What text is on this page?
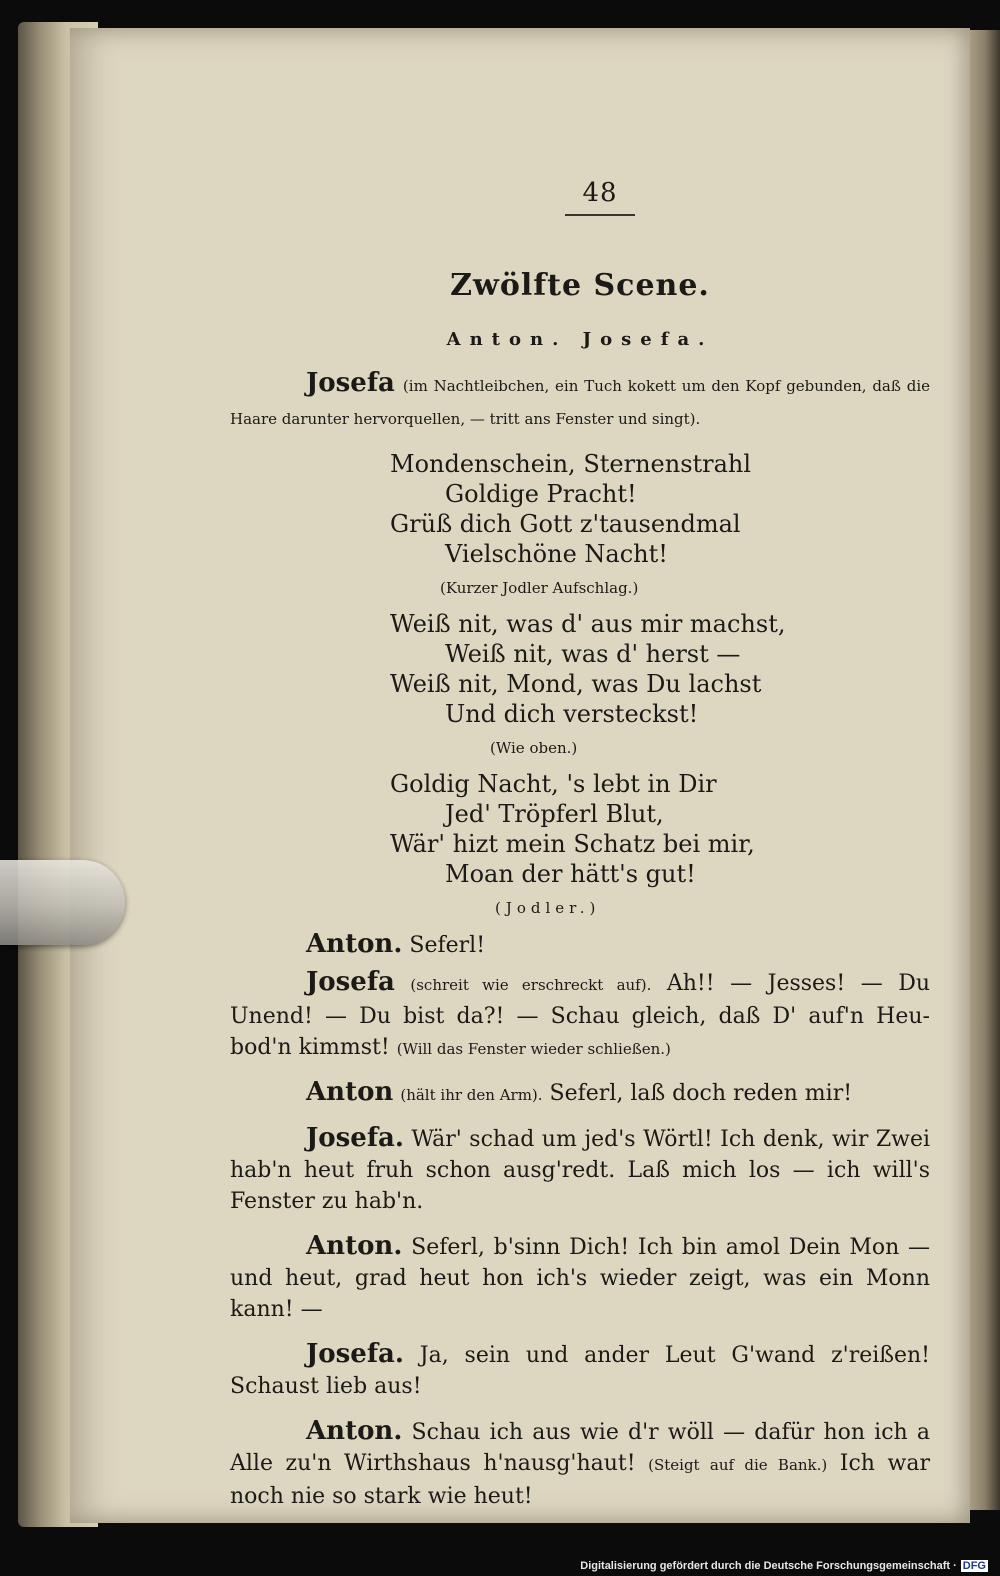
48
Zwölfte Scene.
Anton. Josefa.

Josefa (im Nachtleibchen, ein Tuch kokett um den Kopf gebunden, daß die Haare darunter hervorquellen, — tritt ans Fenster und singt).

Mondenschein, Sternenstrahl

Goldige Pracht!

Grüß dich Gott z'tausendmal

Vielschöne Nacht!

(Kurzer Jodler Aufschlag.)

Weiß nit, was d' aus mir machst,

Weiß nit, was d' herst —

Weiß nit, Mond, was Du lachst

Und dich versteckst!

(Wie oben.)

Goldig Nacht, 's lebt in Dir

Jed' Tröpferl Blut,

Wär' hizt mein Schatz bei mir,

Moan der hätt's gut!

(Jodler.)

Anton. Seferl!

Josefa (schreit wie erschreckt auf). Ah!! — Jesses! — Du Unend! — Du bist da?! — Schau gleich, daß D' auf'n Heu-bod'n kimmst! (Will das Fenster wieder schließen.)

Anton (hält ihr den Arm). Seferl, laß doch reden mir!

Josefa. Wär' schad um jed's Wörtl! Ich denk, wir Zwei hab'n heut fruh schon ausg'redt. Laß mich los — ich will's Fenster zu hab'n.

Anton. Seferl, b'sinn Dich! Ich bin amol Dein Mon — und heut, grad heut hon ich's wieder zeigt, was ein Monn kann! —

Josefa. Ja, sein und ander Leut G'wand z'reißen! Schaust lieb aus!

Anton. Schau ich aus wie d'r wöll — dafür hon ich a Alle zu'n Wirthshaus h'nausg'haut! (Steigt auf die Bank.) Ich war noch nie so stark wie heut!

Digitalisierung gefördert durch die Deutsche Forschungsgemeinschaft · DFG
